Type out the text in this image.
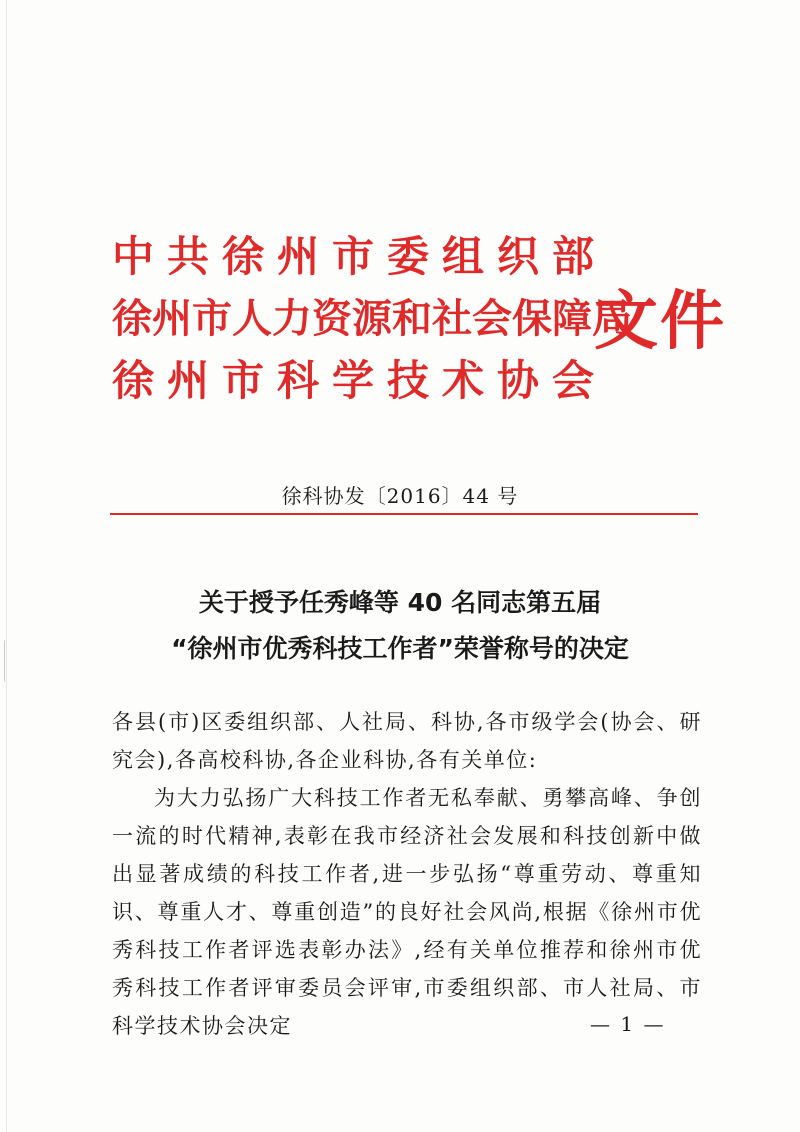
中共徐州市委组织部
徐州市人力资源和社会保障局
徐州市科学技术协会
文件
徐科协发〔2016〕44 号
关于授予任秀峰等 40 名同志第五届
“徐州市优秀科技工作者”荣誉称号的决定

各县(市)区委组织部、人社局、科协,各市级学会(协会、研究会),各高校科协,各企业科协,各有关单位:

为大力弘扬广大科技工作者无私奉献、勇攀高峰、争创一流的时代精神,表彰在我市经济社会发展和科技创新中做出显著成绩的科技工作者,进一步弘扬“尊重劳动、尊重知识、尊重人才、尊重创造”的良好社会风尚,根据《徐州市优秀科技工作者评选表彰办法》,经有关单位推荐和徐州市优秀科技工作者评审委员会评审,市委组织部、市人社局、市科学技术协会决定	— 1 —
